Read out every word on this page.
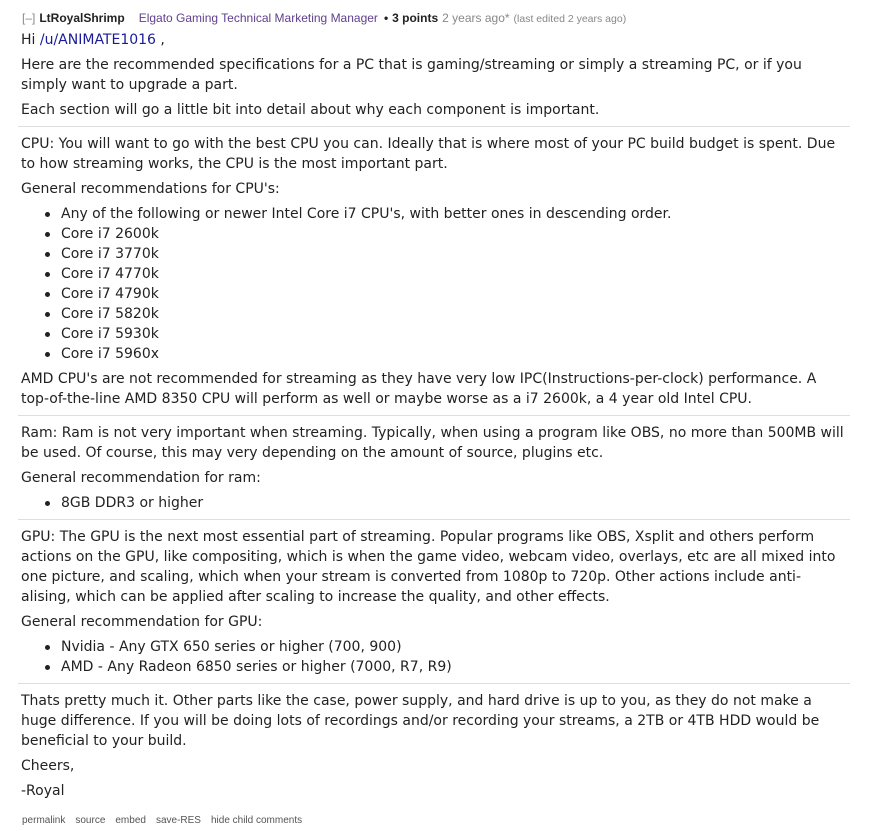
[–] LtRoyalShrimp Elgato Gaming Technical Marketing Manager • 3 points 2 years ago* (last edited 2 years ago)

Hi /u/ANIMATE1016 ,

Here are the recommended specifications for a PC that is gaming/streaming or simply a streaming PC, or if you simply want to upgrade a part.

Each section will go a little bit into detail about why each component is important.

CPU: You will want to go with the best CPU you can. Ideally that is where most of your PC build budget is spent. Due to how streaming works, the CPU is the most important part.

General recommendations for CPU's:

Any of the following or newer Intel Core i7 CPU's, with better ones in descending order.
Core i7 2600k
Core i7 3770k
Core i7 4770k
Core i7 4790k
Core i7 5820k
Core i7 5930k
Core i7 5960x

AMD CPU's are not recommended for streaming as they have very low IPC(Instructions-per-clock) performance. A top-of-the-line AMD 8350 CPU will perform as well or maybe worse as a i7 2600k, a 4 year old Intel CPU.

Ram: Ram is not very important when streaming. Typically, when using a program like OBS, no more than 500MB will be used. Of course, this may very depending on the amount of source, plugins etc.

General recommendation for ram:

8GB DDR3 or higher

GPU: The GPU is the next most essential part of streaming. Popular programs like OBS, Xsplit and others perform actions on the GPU, like compositing, which is when the game video, webcam video, overlays, etc are all mixed into one picture, and scaling, which when your stream is converted from 1080p to 720p. Other actions include anti-alising, which can be applied after scaling to increase the quality, and other effects.

General recommendation for GPU:

Nvidia - Any GTX 650 series or higher (700, 900)
AMD - Any Radeon 6850 series or higher (7000, R7, R9)

Thats pretty much it. Other parts like the case, power supply, and hard drive is up to you, as they do not make a huge difference. If you will be doing lots of recordings and/or recording your streams, a 2TB or 4TB HDD would be beneficial to your build.

Cheers,

-Royal

permalink source embed save-RES hide child comments
